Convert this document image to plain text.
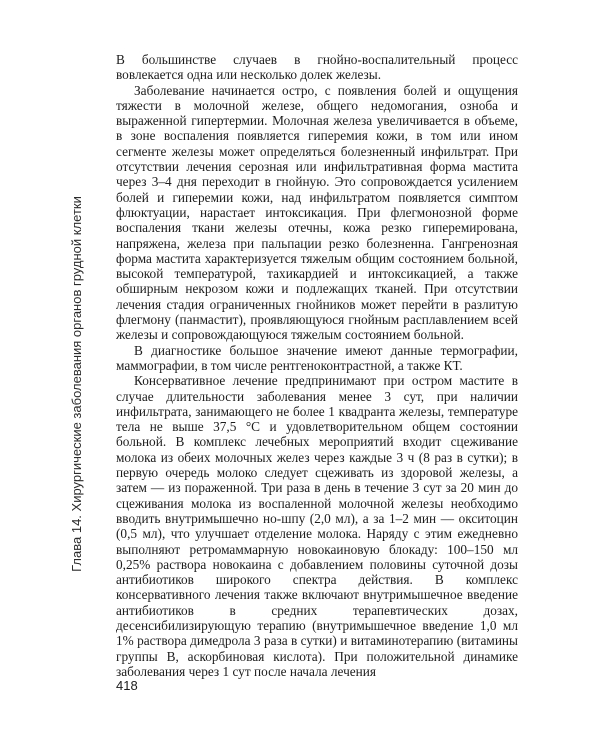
Глава 14. Хирургические заболевания органов грудной клетки

В большинстве случаев в гнойно-воспалительный процесс вовлекается одна или несколько долек железы.

Заболевание начинается остро, с появления болей и ощущения тяжести в молочной железе, общего недомогания, озноба и выраженной гипертермии. Молочная железа увеличивается в объеме, в зоне воспаления появляется гиперемия кожи, в том или ином сегменте железы может определяться болезненный инфильтрат. При отсутствии лечения серозная или инфильтративная форма мастита через 3–4 дня переходит в гнойную. Это сопровождается усилением болей и гиперемии кожи, над инфильтратом появляется симптом флюктуации, нарастает интоксикация. При флегмонозной форме воспаления ткани железы отечны, кожа резко гиперемирована, напряжена, железа при пальпации резко болезненна. Гангренозная форма мастита характеризуется тяжелым общим состоянием больной, высокой температурой, тахикардией и интоксикацией, а также обширным некрозом кожи и подлежащих тканей. При отсутствии лечения стадия ограниченных гнойников может перейти в разлитую флегмону (панмастит), проявляющуюся гнойным расплавлением всей железы и сопровождающуюся тяжелым состоянием больной.

В диагностике большое значение имеют данные термографии, маммографии, в том числе рентгеноконтрастной, а также КТ.

Консервативное лечение предпринимают при остром мастите в случае длительности заболевания менее 3 сут, при наличии инфильтрата, занимающего не более 1 квадранта железы, температуре тела не выше 37,5 °С и удовлетворительном общем состоянии больной. В комплекс лечебных мероприятий входит сцеживание молока из обеих молочных желез через каждые 3 ч (8 раз в сутки); в первую очередь молоко следует сцеживать из здоровой железы, а затем — из пораженной. Три раза в день в течение 3 сут за 20 мин до сцеживания молока из воспаленной молочной железы необходимо вводить внутримышечно но-шпу (2,0 мл), а за 1–2 мин — окситоцин (0,5 мл), что улучшает отделение молока. Наряду с этим ежедневно выполняют ретромаммарную новокаиновую блокаду: 100–150 мл 0,25% раствора новокаина с добавлением половины суточной дозы антибиотиков широкого спектра действия. В комплекс консервативного лечения также включают внутримышечное введение антибиотиков в средних терапевтических дозах, десенсибилизирующую терапию (внутримышечное введение 1,0 мл 1% раствора димедрола 3 раза в сутки) и витаминотерапию (витамины группы В, аскорбиновая кислота). При положительной динамике заболевания через 1 сут после начала лечения

418
